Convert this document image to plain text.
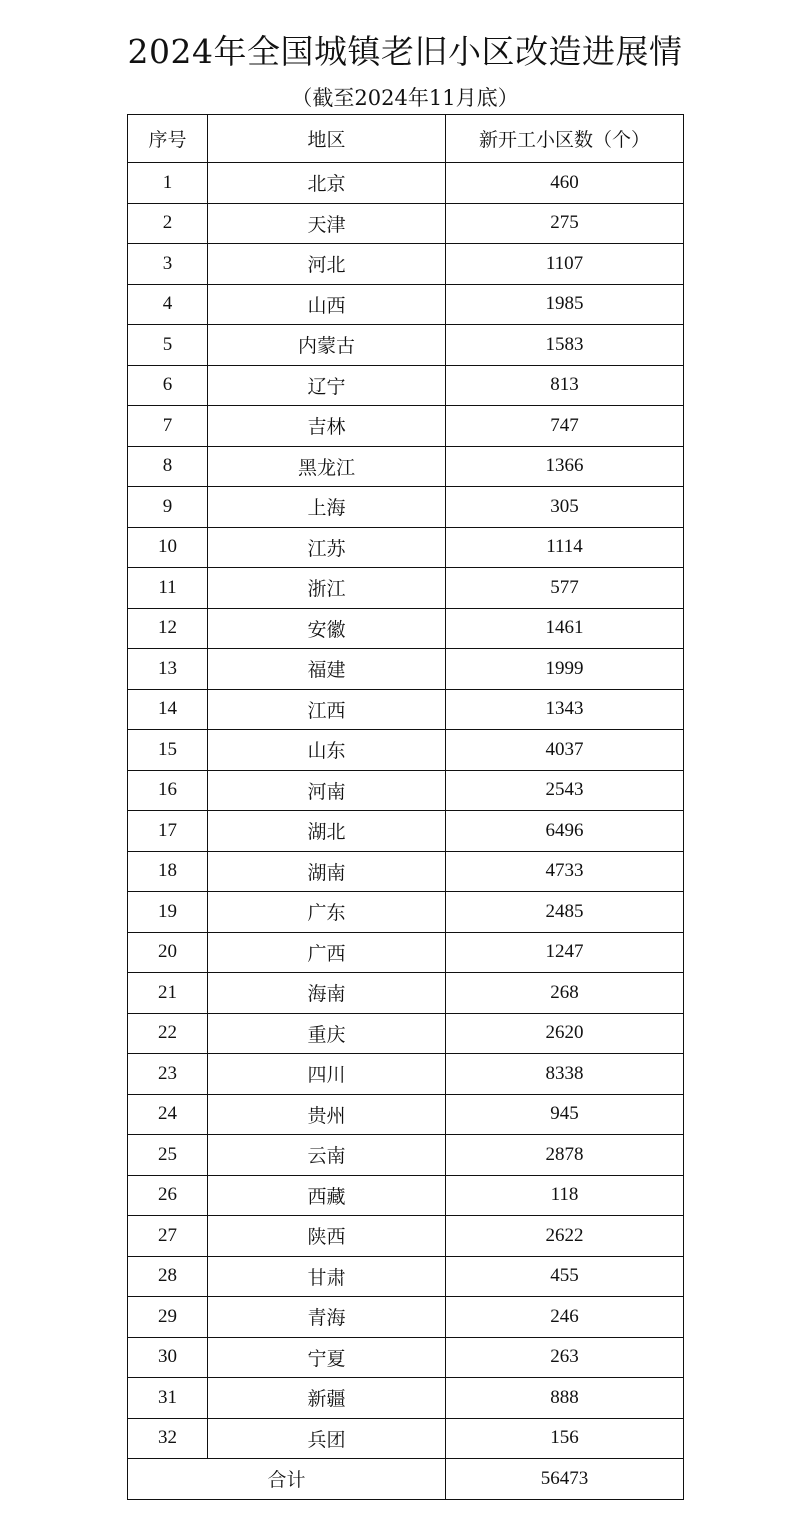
2024年全国城镇老旧小区改造进展情
（截至2024年11月底）
序号	地区	新开工小区数（个）
1	北京	460
2	天津	275
3	河北	1107
4	山西	1985
5	内蒙古	1583
6	辽宁	813
7	吉林	747
8	黑龙江	1366
9	上海	305
10	江苏	1114
11	浙江	577
12	安徽	1461
13	福建	1999
14	江西	1343
15	山东	4037
16	河南	2543
17	湖北	6496
18	湖南	4733
19	广东	2485
20	广西	1247
21	海南	268
22	重庆	2620
23	四川	8338
24	贵州	945
25	云南	2878
26	西藏	118
27	陕西	2622
28	甘肃	455
29	青海	246
30	宁夏	263
31	新疆	888
32	兵团	156
合计		56473
